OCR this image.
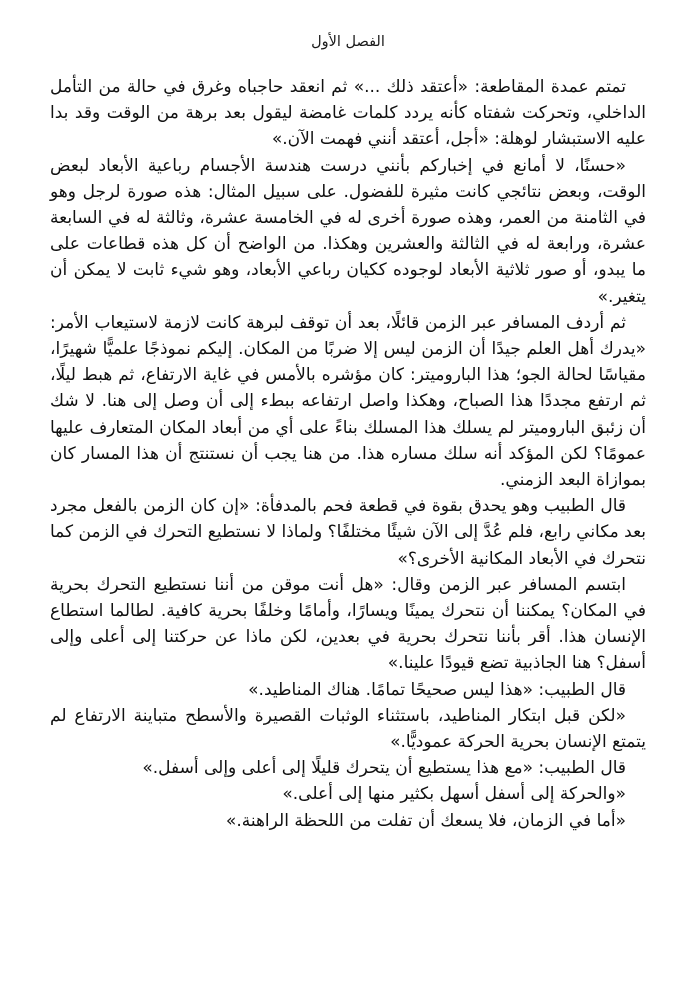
الفصل الأول

تمتم عمدة المقاطعة: «أعتقد ذلك ...» ثم انعقد حاجباه وغرق في حالة من التأمل الداخلي، وتحركت شفتاه كأنه يردد كلمات غامضة ليقول بعد برهة من الوقت وقد بدا عليه الاستبشار لوهلة: «أجل، أعتقد أنني فهمت الآن.»

«حسنًا، لا أمانع في إخباركم بأنني درست هندسة الأجسام رباعية الأبعاد لبعض الوقت، وبعض نتائجي كانت مثيرة للفضول. على سبيل المثال: هذه صورة لرجل وهو في الثامنة من العمر، وهذه صورة أخرى له في الخامسة عشرة، وثالثة له في السابعة عشرة، ورابعة له في الثالثة والعشرين وهكذا. من الواضح أن كل هذه قطاعات على ما يبدو، أو صور ثلاثية الأبعاد لوجوده ككيان رباعي الأبعاد، وهو شيء ثابت لا يمكن أن يتغير.»

ثم أردف المسافر عبر الزمن قائلًا، بعد أن توقف لبرهة كانت لازمة لاستيعاب الأمر: «يدرك أهل العلم جيدًا أن الزمن ليس إلا ضربًا من المكان. إليكم نموذجًا علميًّا شهيرًا، مقياسًا لحالة الجو؛ هذا الباروميتر: كان مؤشره بالأمس في غاية الارتفاع، ثم هبط ليلًا، ثم ارتفع مجددًا هذا الصباح، وهكذا واصل ارتفاعه ببطء إلى أن وصل إلى هنا. لا شك أن زئبق الباروميتر لم يسلك هذا المسلك بناءً على أي من أبعاد المكان المتعارف عليها عمومًا؟ لكن المؤكد أنه سلك مساره هذا. من هنا يجب أن نستنتج أن هذا المسار كان بموازاة البعد الزمني.

قال الطبيب وهو يحدق بقوة في قطعة فحم بالمدفأة: «إن كان الزمن بالفعل مجرد بعد مكاني رابع، فلم عُدَّ إلى الآن شيئًا مختلفًا؟ ولماذا لا نستطيع التحرك في الزمن كما نتحرك في الأبعاد المكانية الأخرى؟»

ابتسم المسافر عبر الزمن وقال: «هل أنت موقن من أننا نستطيع التحرك بحرية في المكان؟ يمكننا أن نتحرك يمينًا ويسارًا، وأمامًا وخلفًا بحرية كافية. لطالما استطاع الإنسان هذا. أقر بأننا نتحرك بحرية في بعدين، لكن ماذا عن حركتنا إلى أعلى وإلى أسفل؟ هنا الجاذبية تضع قيودًا علينا.»

قال الطبيب: «هذا ليس صحيحًا تمامًا. هناك المناطيد.»

«لكن قبل ابتكار المناطيد، باستثناء الوثبات القصيرة والأسطح متباينة الارتفاع لم يتمتع الإنسان بحرية الحركة عموديًّا.»

قال الطبيب: «مع هذا يستطيع أن يتحرك قليلًا إلى أعلى وإلى أسفل.»

«والحركة إلى أسفل أسهل بكثير منها إلى أعلى.»

«أما في الزمان، فلا يسعك أن تفلت من اللحظة الراهنة.»
